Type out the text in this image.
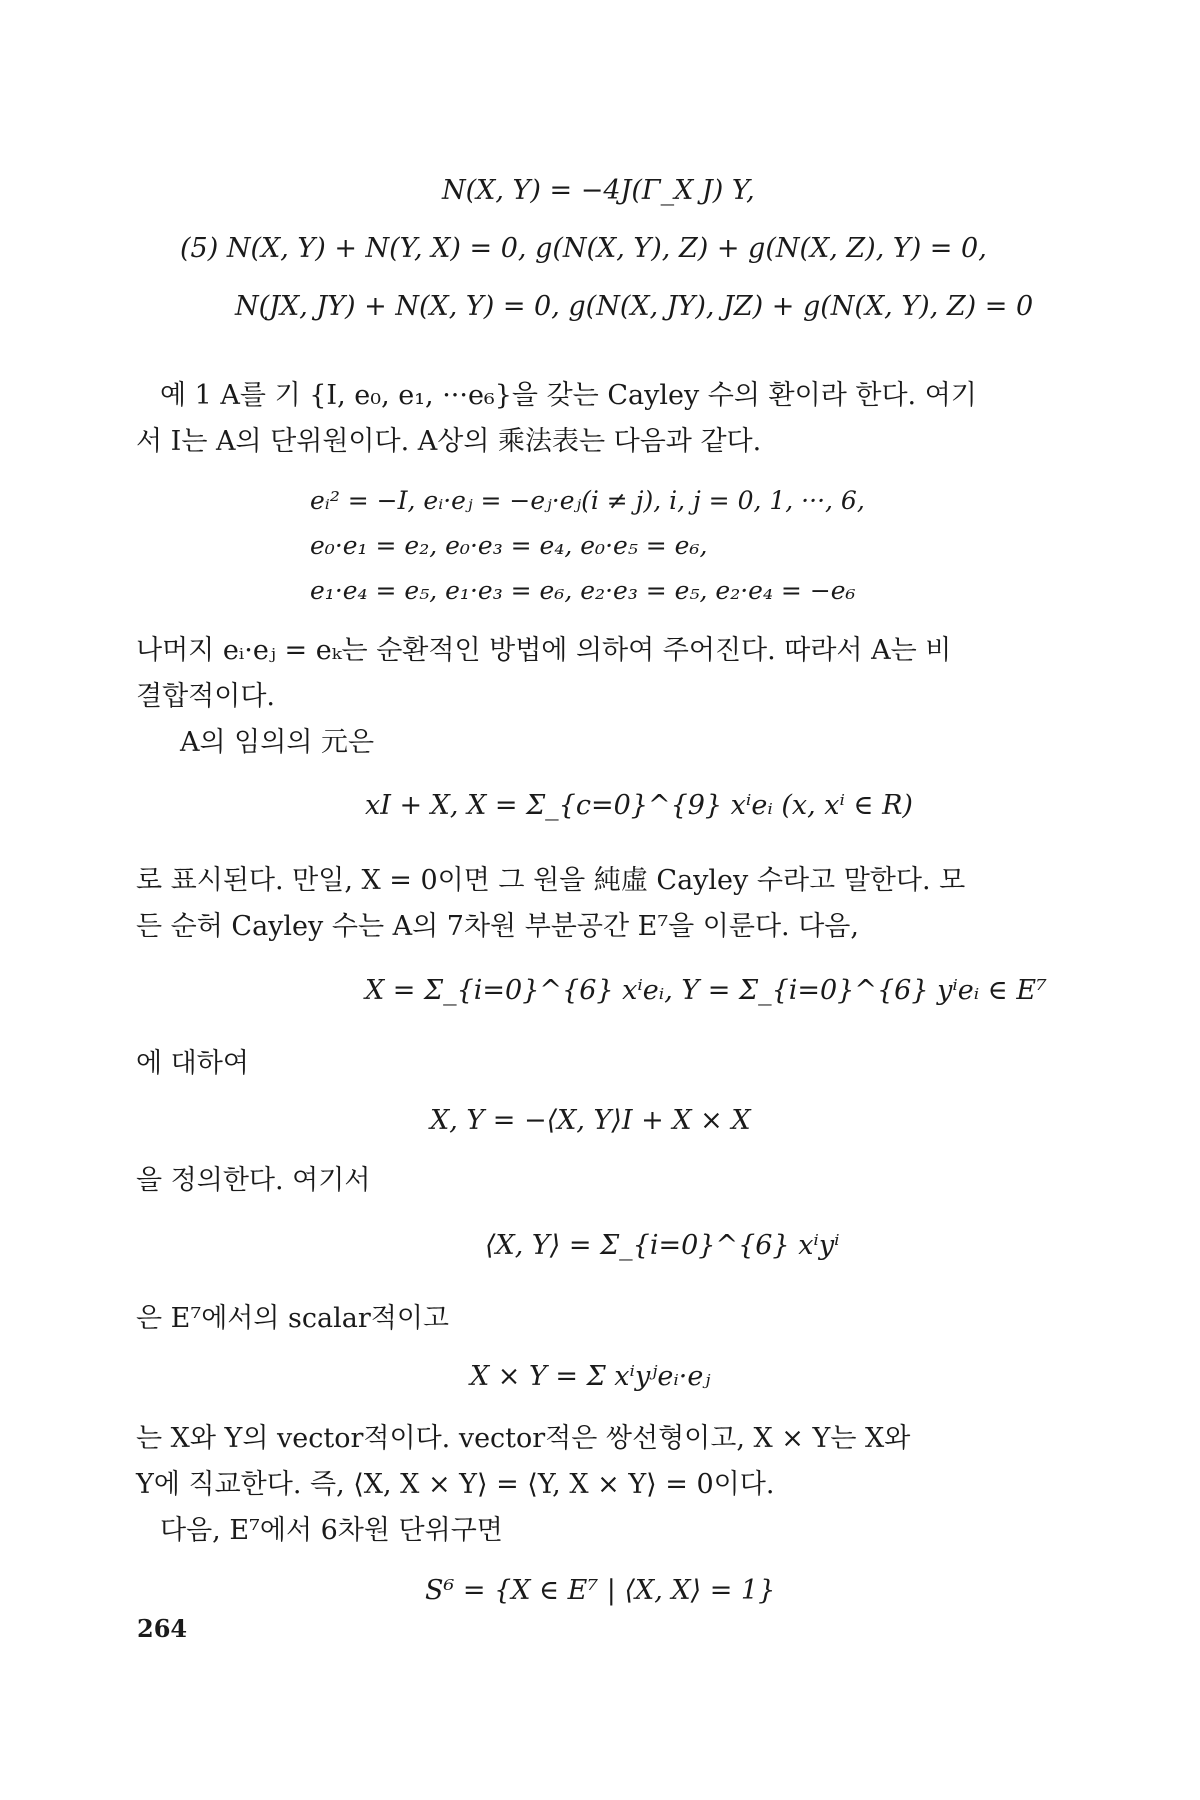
N(X, Y) = −4J(Γ_X J) Y,
(5) N(X, Y) + N(Y, X) = 0, g(N(X, Y), Z) + g(N(X, Z), Y) = 0,
N(JX, JY) + N(X, Y) = 0, g(N(X, JY), JZ) + g(N(X, Y), Z) = 0
예 1 A를 기 {I, e₀, e₁, ···e₆}을 갖는 Cayley 수의 환이라 한다. 여기
서 I는 A의 단위원이다. A상의 乘法表는 다음과 같다.
eᵢ² = −I, eᵢ·eⱼ = −eⱼ·eⱼ(i ≠ j), i, j = 0, 1, ···, 6,
e₀·e₁ = e₂, e₀·e₃ = e₄, e₀·e₅ = e₆,
e₁·e₄ = e₅, e₁·e₃ = e₆, e₂·e₃ = e₅, e₂·e₄ = −e₆
나머지 eᵢ·eⱼ = eₖ는 순환적인 방법에 의하여 주어진다. 따라서 A는 비
결합적이다.
A의 임의의 元은
xI + X, X = Σ_{c=0}^{9} xⁱeᵢ (x, xⁱ ∈ R)
로 표시된다. 만일, X = 0이면 그 원을 純虛 Cayley 수라고 말한다. 모
든 순허 Cayley 수는 A의 7차원 부분공간 E⁷을 이룬다. 다음,
X = Σ_{i=0}^{6} xⁱeᵢ, Y = Σ_{i=0}^{6} yⁱeᵢ ∈ E⁷
에 대하여
X, Y = −⟨X, Y⟩I + X × X
을 정의한다. 여기서
⟨X, Y⟩ = Σ_{i=0}^{6} xⁱyⁱ
은 E⁷에서의 scalar적이고
X × Y = Σ xⁱyʲeᵢ·eⱼ
는 X와 Y의 vector적이다. vector적은 쌍선형이고, X × Y는 X와
Y에 직교한다. 즉, ⟨X, X × Y⟩ = ⟨Y, X × Y⟩ = 0이다.
다음, E⁷에서 6차원 단위구면
S⁶ = {X ∈ E⁷ | ⟨X, X⟩ = 1}
264
